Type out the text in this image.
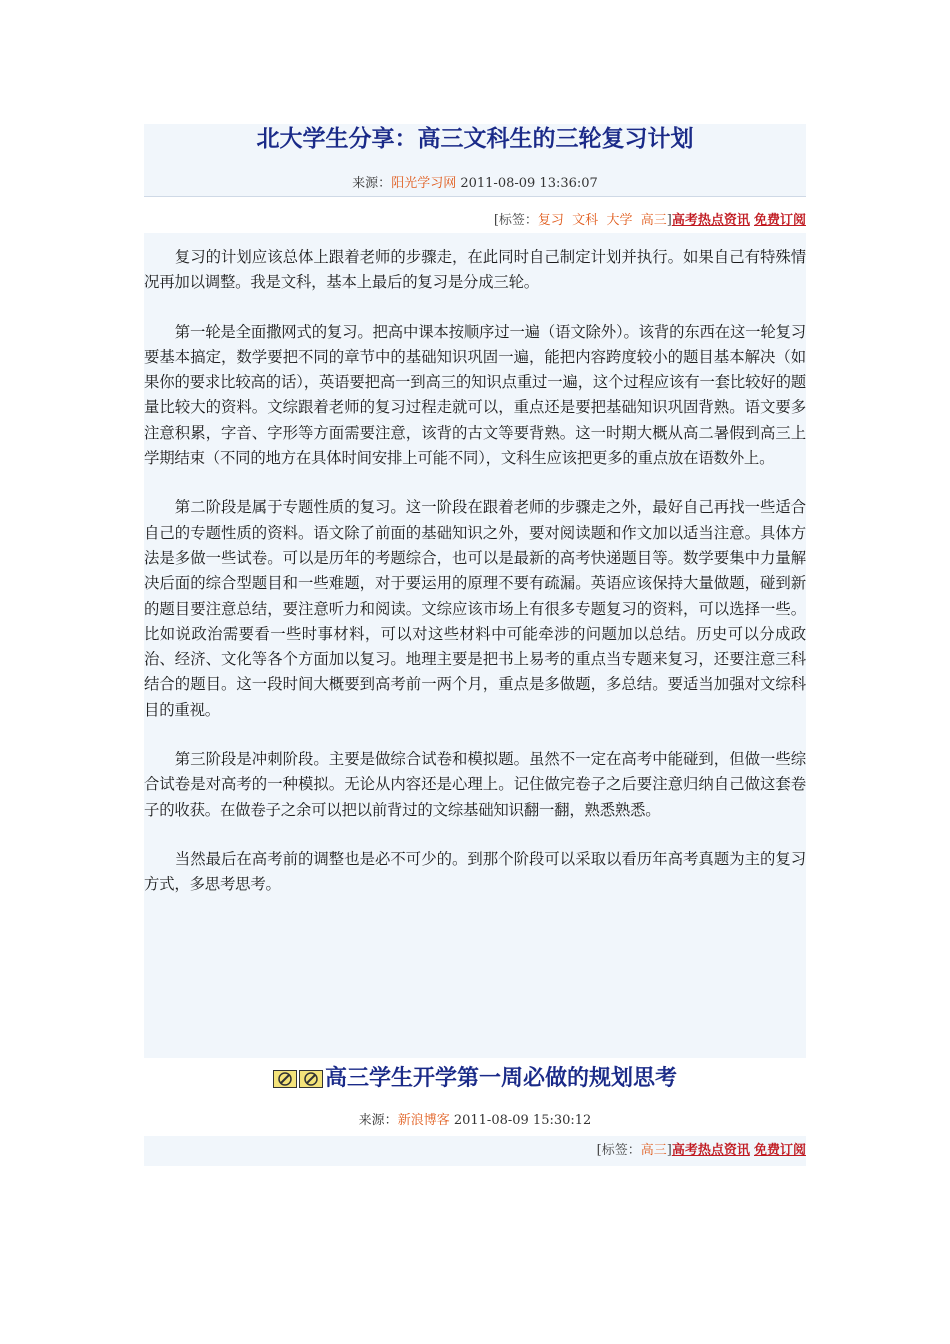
北大学生分享：高三文科生的三轮复习计划
来源：阳光学习网 2011-08-09 13:36:07
[标签：复习 文科 大学 高三]高考热点资讯 免费订阅

复习的计划应该总体上跟着老师的步骤走，在此同时自己制定计划并执行。如果自己有特殊情况再加以调整。我是文科，基本上最后的复习是分成三轮。

第一轮是全面撒网式的复习。把高中课本按顺序过一遍（语文除外）。该背的东西在这一轮复习要基本搞定，数学要把不同的章节中的基础知识巩固一遍，能把内容跨度较小的题目基本解决（如果你的要求比较高的话），英语要把高一到高三的知识点重过一遍，这个过程应该有一套比较好的题量比较大的资料。文综跟着老师的复习过程走就可以，重点还是要把基础知识巩固背熟。语文要多注意积累，字音、字形等方面需要注意，该背的古文等要背熟。这一时期大概从高二暑假到高三上学期结束（不同的地方在具体时间安排上可能不同），文科生应该把更多的重点放在语数外上。

第二阶段是属于专题性质的复习。这一阶段在跟着老师的步骤走之外，最好自己再找一些适合自己的专题性质的资料。语文除了前面的基础知识之外，要对阅读题和作文加以适当注意。具体方法是多做一些试卷。可以是历年的考题综合，也可以是最新的高考快递题目等。数学要集中力量解决后面的综合型题目和一些难题，对于要运用的原理不要有疏漏。英语应该保持大量做题，碰到新的题目要注意总结，要注意听力和阅读。文综应该市场上有很多专题复习的资料，可以选择一些。比如说政治需要看一些时事材料，可以对这些材料中可能牵涉的问题加以总结。历史可以分成政治、经济、文化等各个方面加以复习。地理主要是把书上易考的重点当专题来复习，还要注意三科结合的题目。这一段时间大概要到高考前一两个月，重点是多做题，多总结。要适当加强对文综科目的重视。

第三阶段是冲刺阶段。主要是做综合试卷和模拟题。虽然不一定在高考中能碰到，但做一些综合试卷是对高考的一种模拟。无论从内容还是心理上。记住做完卷子之后要注意归纳自己做这套卷子的收获。在做卷子之余可以把以前背过的文综基础知识翻一翻，熟悉熟悉。

当然最后在高考前的调整也是必不可少的。到那个阶段可以采取以看历年高考真题为主的复习方式，多思考思考。

高三学生开学第一周必做的规划思考
来源：新浪博客 2011-08-09 15:30:12
[标签：高三]高考热点资讯 免费订阅
